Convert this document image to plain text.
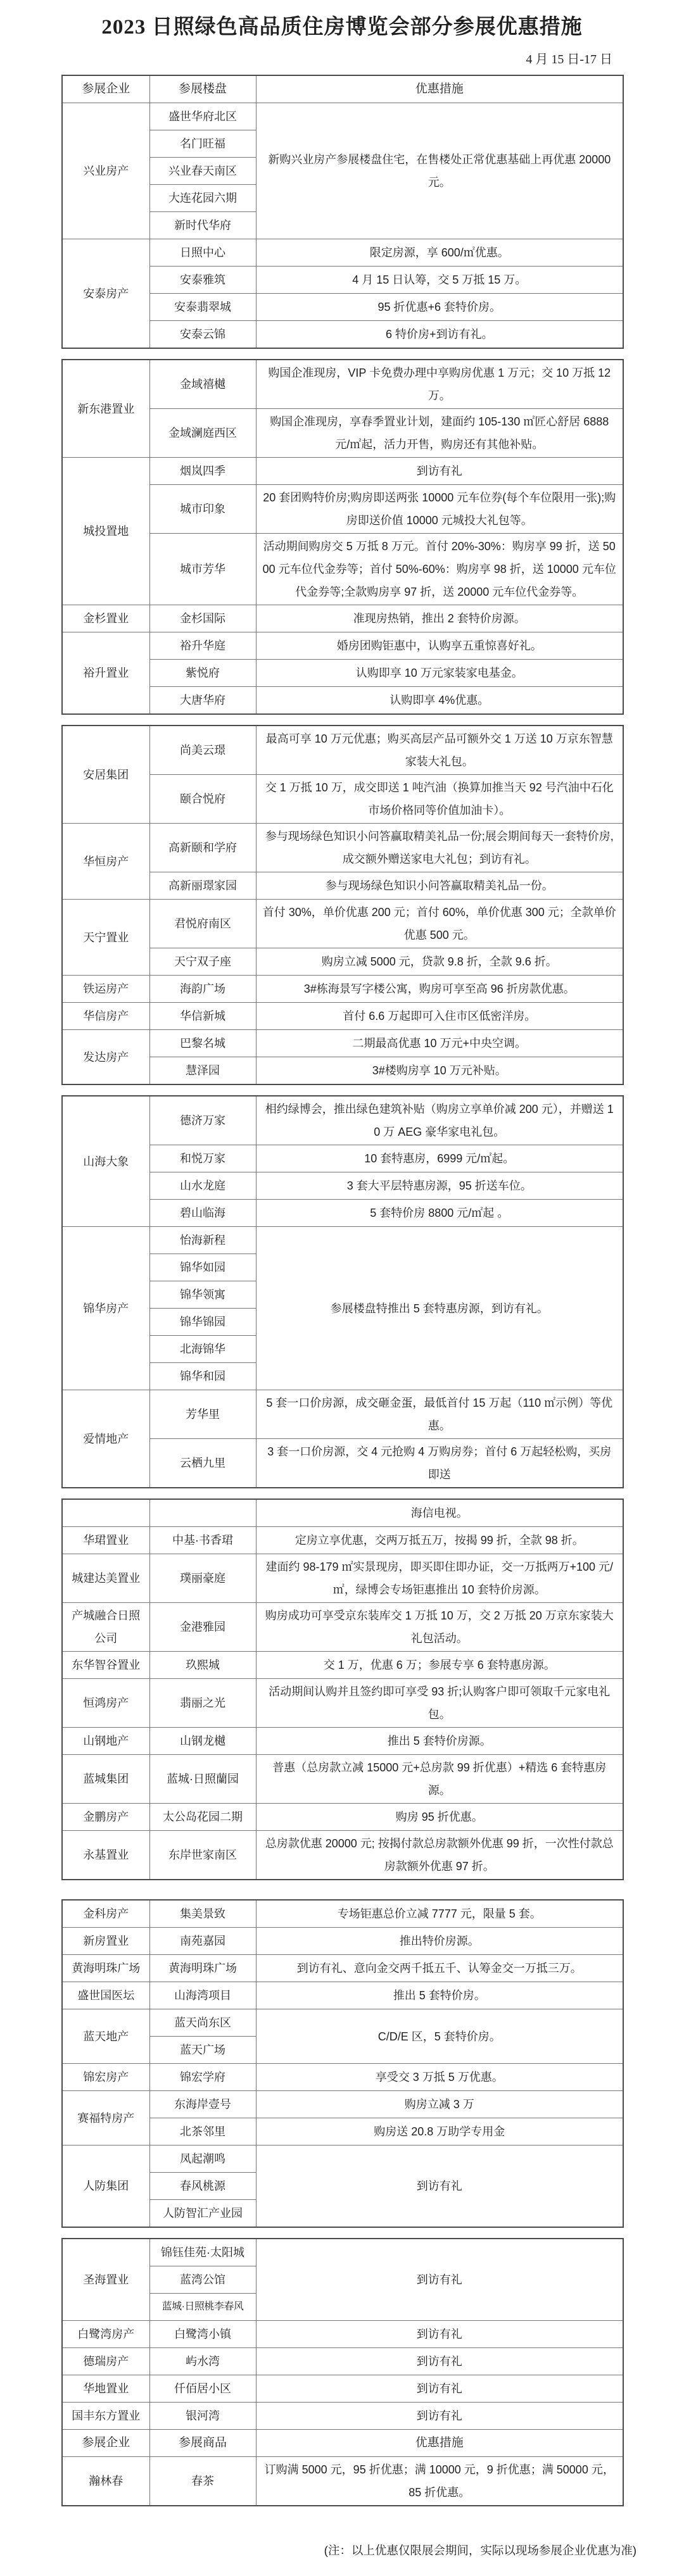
2023 日照绿色高品质住房博览会部分参展优惠措施
4 月 15 日-17 日
参展企业	参展楼盘	优惠措施
兴业房产	盛世华府北区	新购兴业房产参展楼盘住宅，在售楼处正常优惠基础上再优惠 20000 元。
	名门旺福	
	兴业春天南区	
	大连花园六期	
	新时代华府	
安泰房产	日照中心	限定房源，享 600/㎡优惠。
	安泰雅筑	4 月 15 日认筹，交 5 万抵 15 万。
	安泰翡翠城	95 折优惠+6 套特价房。
	安泰云锦	6 特价房+到访有礼。
新东港置业	金域禧樾	购国企准现房，VIP 卡免费办理中享购房优惠 1 万元；交 10 万抵 12 万。
	金域澜庭西区	购国企准现房，享春季置业计划，建面约 105-130 ㎡匠心舒居 6888 元/㎡起，活力开售，购房还有其他补贴。
城投置地	烟岚四季	到访有礼
	城市印象	20 套团购特价房;购房即送两张 10000 元车位券(每个车位限用一张);购房即送价值 10000 元城投大礼包等。
	城市芳华	活动期间购房交 5 万抵 8 万元。首付 20%-30%：购房享 99 折，送 5000 元车位代金券等；首付 50%-60%：购房享 98 折，送 10000 元车位代金券等;全款购房享 97 折，送 20000 元车位代金券等。
金杉置业	金杉国际	准现房热销，推出 2 套特价房源。
裕升置业	裕升华庭	婚房团购钜惠中，认购享五重惊喜好礼。
	紫悦府	认购即享 10 万元家装家电基金。
	大唐华府	认购即享 4%优惠。
安居集团	尚美云璟	最高可享 10 万元优惠；购买高层产品可额外交 1 万送 10 万京东智慧家装大礼包。
	颐合悦府	交 1 万抵 10 万，成交即送 1 吨汽油（换算加推当天 92 号汽油中石化市场价格同等价值加油卡）。
华恒房产	高新颐和学府	参与现场绿色知识小问答赢取精美礼品一份;展会期间每天一套特价房,成交额外赠送家电大礼包；到访有礼。
	高新丽璟家园	参与现场绿色知识小问答赢取精美礼品一份。
天宁置业	君悦府南区	首付 30%，单价优惠 200 元；首付 60%，单价优惠 300 元；全款单价优惠 500 元。
	天宁双子座	购房立减 5000 元，贷款 9.8 折，全款 9.6 折。
铁运房产	海韵广场	3#栋海景写字楼公寓，购房可享至高 96 折房款优惠。
华信房产	华信新城	首付 6.6 万起即可入住市区低密洋房。
发达房产	巴黎名城	二期最高优惠 10 万元+中央空调。
	慧泽园	3#楼购房享 10 万元补贴。
山海大象	德济万家	相约绿博会，推出绿色建筑补贴（购房立享单价减 200 元），并赠送 10 万 AEG 豪华家电礼包。
	和悦万家	10 套特惠房，6999 元/㎡起。
	山水龙庭	3 套大平层特惠房源，95 折送车位。
	碧山临海	5 套特价房 8800 元/㎡起 。
锦华房产	怡海新程	参展楼盘特推出 5 套特惠房源，到访有礼。
	锦华如园	
	锦华领寓	
	锦华锦园	
	北海锦华	
	锦华和园	
爱情地产	芳华里	5 套一口价房源，成交砸金蛋，最低首付 15 万起（110 ㎡示例）等优惠。
	云栖九里	3 套一口价房源，交 4 元抢购 4 万购房券；首付 6 万起轻松购，买房即送
		海信电视。
华珺置业	中基·书香珺	定房立享优惠，交两万抵五万，按揭 99 折，全款 98 折。
城建达美置业	璞丽豪庭	建面约 98-179 ㎡实景现房，即买即住即办证，交一万抵两万+100 元/㎡，绿博会专场钜惠推出 10 套特价房源。
产城融合日照公司	金港雅园	购房成功可享受京东装库交 1 万抵 10 万，交 2 万抵 20 万京东家装大礼包活动。
东华智谷置业	玖熙城	交 1 万，优惠 6 万；参展专享 6 套特惠房源。
恒鸿房产	翡丽之光	活动期间认购并且签约即可享受 93 折;认购客户即可领取千元家电礼包。
山钢地产	山钢龙樾	推出 5 套特价房源。
蓝城集团	蓝城·日照蘭园	普惠（总房款立减 15000 元+总房款 99 折优惠）+精选 6 套特惠房源。
金鹏房产	太公岛花园二期	购房 95 折优惠。
永基置业	东岸世家南区	总房款优惠 20000 元; 按揭付款总房款额外优惠 99 折，一次性付款总房款额外优惠 97 折。
金科房产	集美景致	专场钜惠总价立减 7777 元，限量 5 套。
新房置业	南苑嘉园	推出特价房源。
黄海明珠广场	黄海明珠广场	到访有礼、意向金交两千抵五千、认筹金交一万抵三万。
盛世国医坛	山海湾项目	推出 5 套特价房。
蓝天地产	蓝天尚东区	C/D/E 区，5 套特价房。
	蓝天广场	
锦宏房产	锦宏学府	享受交 3 万抵 5 万优惠。
赛福特房产	东海岸壹号	购房立减 3 万
	北茶邻里	购房送 20.8 万助学专用金
人防集团	凤起潮鸣	到访有礼
	春风桃源	
	人防智汇产业园	
圣海置业	锦钰佳苑·太阳城	到访有礼
	蓝湾公馆	
	蓝城·日照桃李春风	
白鹭湾房产	白鹭湾小镇	到访有礼
德瑞房产	屿水湾	到访有礼
华地置业	仟佰居小区	到访有礼
国丰东方置业	银河湾	到访有礼
参展企业	参展商品	优惠措施
瀚林春	春茶	订购满 5000 元，95 折优惠；满 10000 元，9 折优惠；满 50000 元，85 折优惠。
(注：以上优惠仅限展会期间，实际以现场参展企业优惠为准)
